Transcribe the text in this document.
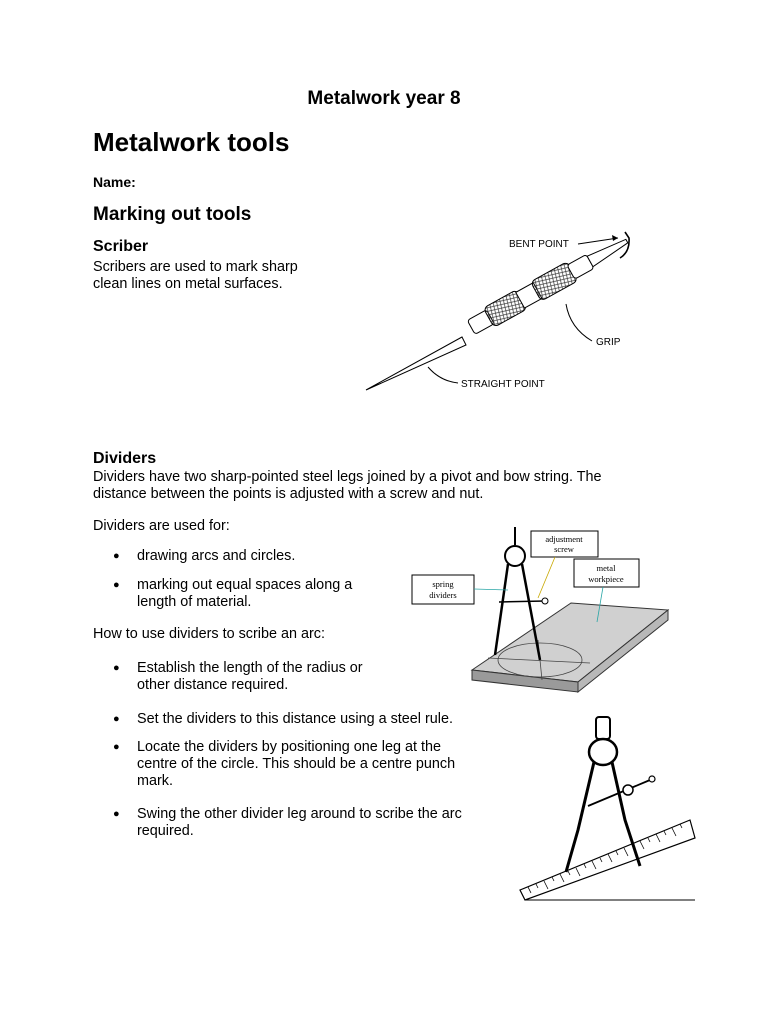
Metalwork year 8
Metalwork tools
Name:
Marking out tools
Scriber
Scribers are used to mark sharp
clean lines on metal surfaces.
BENT POINT
GRIP
STRAIGHT POINT
Dividers
Dividers have two sharp-pointed steel legs joined by a pivot and bow string. The
distance between the points is adjusted with a screw and nut.
Dividers are used for:
● drawing arcs and circles.
● marking out equal spaces along a
length of material.
How to use dividers to scribe an arc:
● Establish the length of the radius or
other distance required.
● Set the dividers to this distance using a steel rule.
● Locate the dividers by positioning one leg at the
centre of the circle. This should be a centre punch
mark.
● Swing the other divider leg around to scribe the arc
required.
adjustment
screw
spring
dividers
metal
workpiece
